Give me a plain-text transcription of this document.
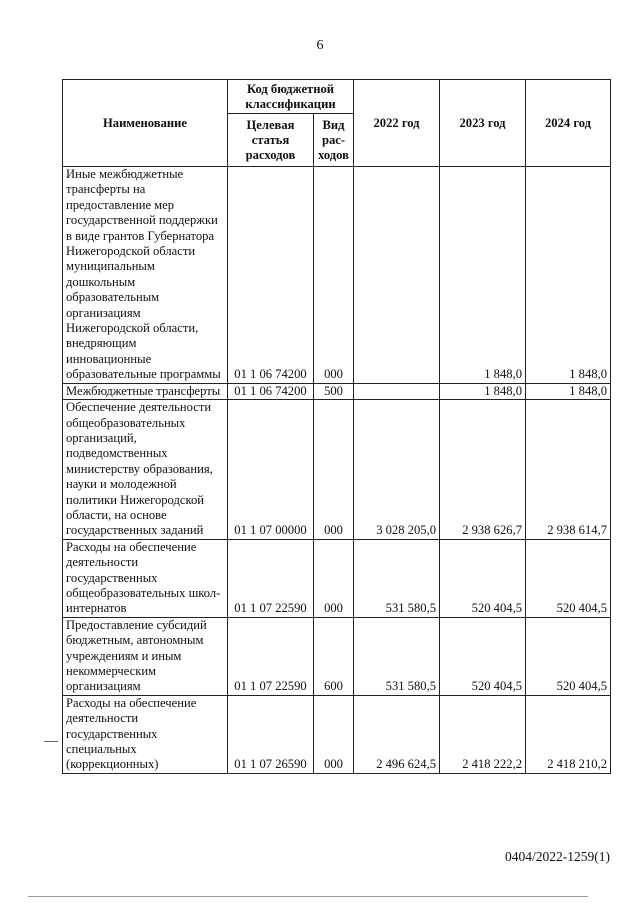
6
Наименование	Код бюджетной классификации		2022 год	2023 год	2024 год
	Целевая статья расходов	Вид рас-ходов			
Иные межбюджетные трансферты на предоставление мер государственной поддержки в виде грантов Губернатора Нижегородской области муниципальным дошкольным образовательным организациям Нижегородской области, внедряющим инновационные образовательные программы	01 1 06 74200	000		1 848,0	1 848,0
Межбюджетные трансферты	01 1 06 74200	500		1 848,0	1 848,0
Обеспечение деятельности общеобразовательных организаций, подведомственных министерству образования, науки и молодежной политики Нижегородской области, на основе государственных заданий	01 1 07 00000	000	3 028 205,0	2 938 626,7	2 938 614,7
Расходы на обеспечение деятельности государственных общеобразовательных школ-интернатов	01 1 07 22590	000	531 580,5	520 404,5	520 404,5
Предоставление субсидий бюджетным, автономным учреждениям и иным некоммерческим организациям	01 1 07 22590	600	531 580,5	520 404,5	520 404,5
Расходы на обеспечение деятельности государственных специальных (коррекционных)	01 1 07 26590	000	2 496 624,5	2 418 222,2	2 418 210,2
0404/2022-1259(1)
